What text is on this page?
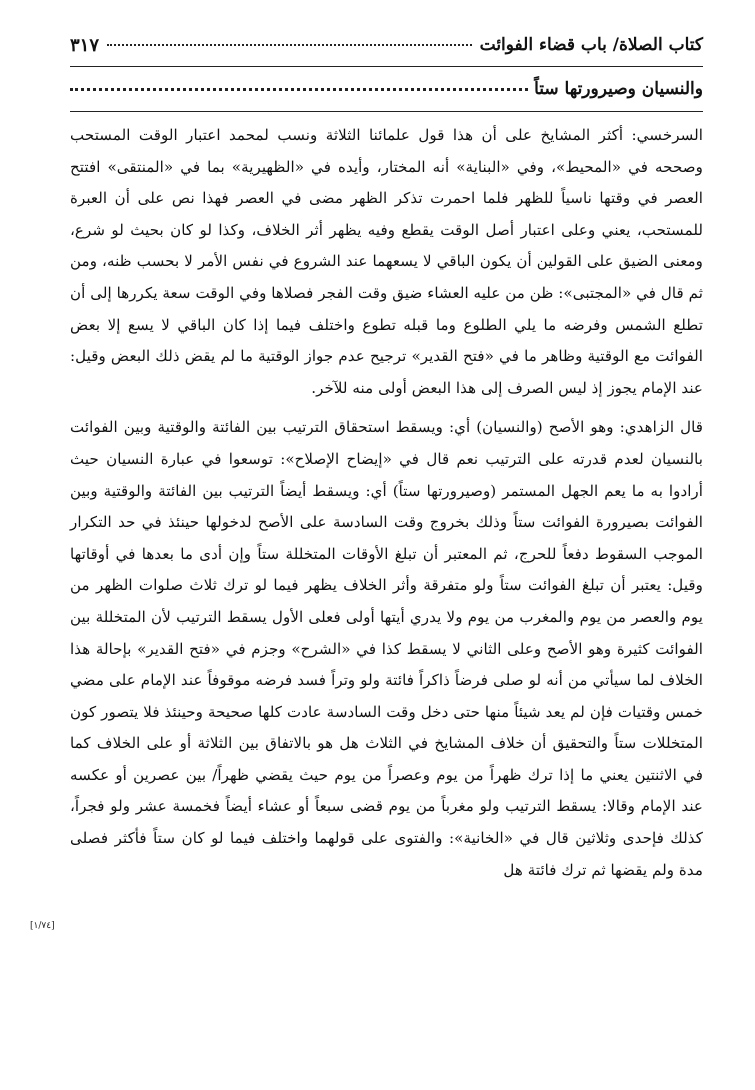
كتاب الصلاة/ باب قضاء الفوائت
٣١٧
والنسيان وصيرورتها ستاً

السرخسي: أكثر المشايخ على أن هذا قول علمائنا الثلاثة ونسب لمحمد اعتبار الوقت المستحب وصححه في «المحيط»، وفي «البناية» أنه المختار، وأيده في «الظهيرية» بما في «المنتقى» افتتح العصر في وقتها ناسياً للظهر فلما احمرت تذكر الظهر مضى في العصر فهذا نص على أن العبرة للمستحب، يعني وعلى اعتبار أصل الوقت يقطع وفيه يظهر أثر الخلاف، وكذا لو كان بحيث لو شرع، ومعنى الضيق على القولين أن يكون الباقي لا يسعهما عند الشروع في نفس الأمر لا بحسب ظنه، ومن ثم قال في «المجتبى»: ظن من عليه العشاء ضيق وقت الفجر فصلاها وفي الوقت سعة يكررها إلى أن تطلع الشمس وفرضه ما يلي الطلوع وما قبله تطوع واختلف فيما إذا كان الباقي لا يسع إلا بعض الفوائت مع الوقتية وظاهر ما في «فتح القدير» ترجيح عدم جواز الوقتية ما لم يقض ذلك البعض وقيل: عند الإمام يجوز إذ ليس الصرف إلى هذا البعض أولى منه للآخر.

قال الزاهدي: وهو الأصح (والنسيان) أي: ويسقط استحقاق الترتيب بين الفائتة والوقتية وبين الفوائت بالنسيان لعدم قدرته على الترتيب نعم قال في «إيضاح الإصلاح»: توسعوا في عبارة النسيان حيث أرادوا به ما يعم الجهل المستمر (وصيرورتها ستاً) أي: ويسقط أيضاً الترتيب بين الفائتة والوقتية وبين الفوائت بصيرورة الفوائت ستاً وذلك بخروج وقت السادسة على الأصح لدخولها حينئذ في حد التكرار الموجب السقوط دفعاً للحرج، ثم المعتبر أن تبلغ الأوقات المتخللة ستاً وإن أدى ما بعدها في أوقاتها وقيل: يعتبر أن تبلغ الفوائت ستاً ولو متفرقة وأثر الخلاف يظهر فيما لو ترك ثلاث صلوات الظهر من يوم والعصر من يوم والمغرب من يوم ولا يدري أيتها أولى فعلى الأول يسقط الترتيب لأن المتخللة بين الفوائت كثيرة وهو الأصح وعلى الثاني لا يسقط كذا في «الشرح» وجزم في «فتح القدير» بإحالة هذا الخلاف لما سيأتي من أنه لو صلى فرضاً ذاكراً فائتة ولو وتراً فسد فرضه موقوفاً عند الإمام على مضي خمس وقتيات فإن لم يعد شيئاً منها حتى دخل وقت السادسة عادت كلها صحيحة وحينئذ فلا يتصور كون المتخللات ستاً والتحقيق أن خلاف المشايخ في الثلاث هل هو بالاتفاق بين الثلاثة أو على الخلاف كما في الاثنتين يعني ما إذا ترك ظهراً من يوم وعصراً من يوم حيث يقضي ظهراً/ بين عصرين أو عكسه عند الإمام وقالا: يسقط الترتيب ولو مغرباً من يوم قضى سبعاً أو عشاء أيضاً فخمسة عشر ولو فجراً، كذلك فإحدى وثلاثين قال في «الخانية»: والفتوى على قولهما واختلف فيما لو كان ستاً فأكثر فصلى مدة ولم يقضها ثم ترك فائتة هل

[١/٧٤]
